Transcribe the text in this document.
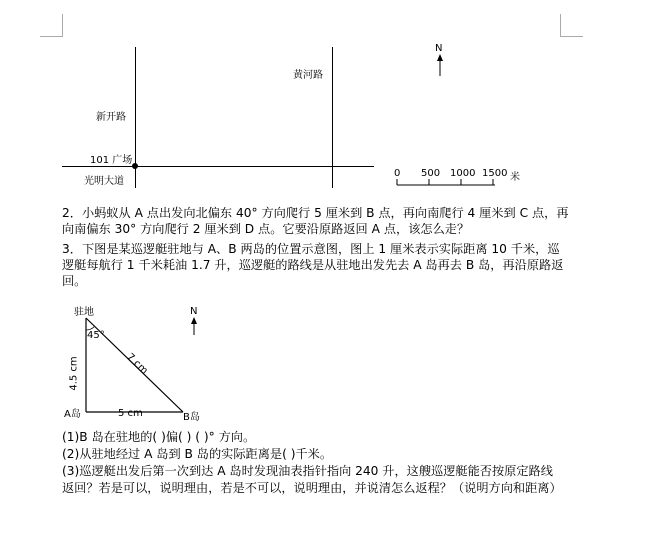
黄河路
新开路
101 广场
光明大道
N
0 500 1000 1500 米
2．小蚂蚁从 A 点出发向北偏东 40° 方向爬行 5 厘米到 B 点，再向南爬行 4 厘米到 C 点，再
向南偏东 30° 方向爬行 2 厘米到 D 点。它要沿原路返回 A 点，该怎么走？
3．下图是某巡逻艇驻地与 A、B 两岛的位置示意图，图上 1 厘米表示实际距离 10 千米，巡
逻艇每航行 1 千米耗油 1.7 升，巡逻艇的路线是从驻地出发先去 A 岛再去 B 岛，再沿原路返
回。
驻地
45°
4.5 cm	7 cm
5 cm
A岛	B岛
N
(1)B 岛在驻地的( )偏( ) ( )° 方向。
(2)从驻地经过 A 岛到 B 岛的实际距离是( )千米。
(3)巡逻艇出发后第一次到达 A 岛时发现油表指针指向 240 升，这艘巡逻艇能否按原定路线
返回？若是可以，说明理由，若是不可以，说明理由，并说清怎么返程？（说明方向和距离）
